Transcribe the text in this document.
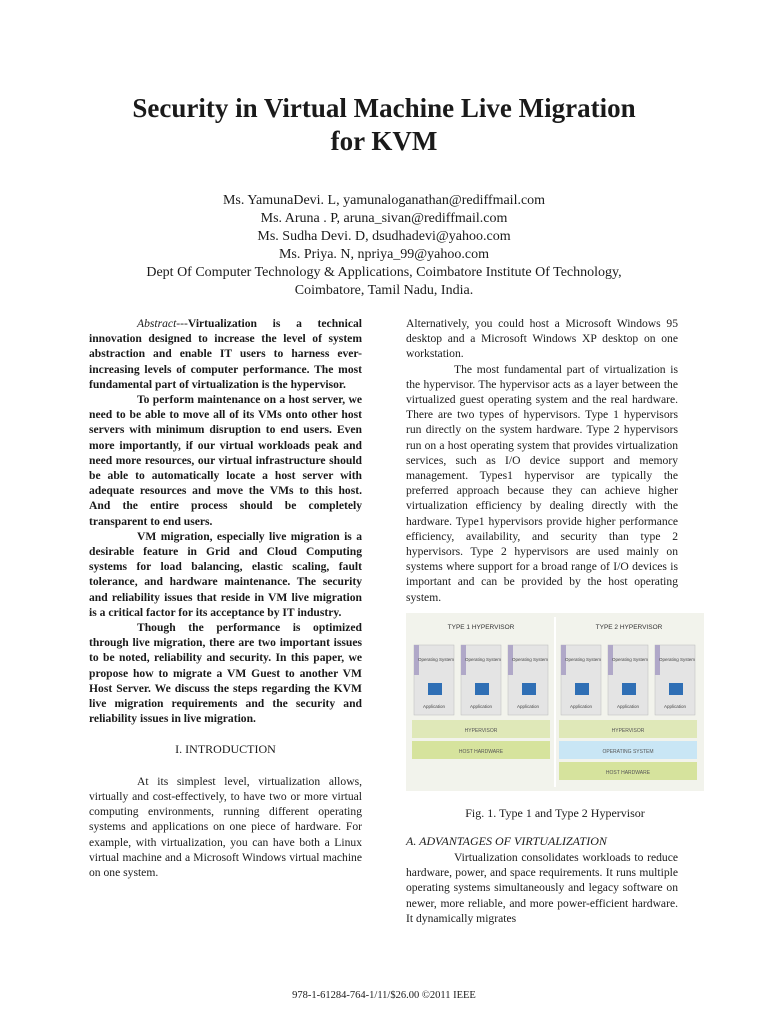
Security in Virtual Machine Live Migration
for KVM
Ms. YamunaDevi. L, yamunaloganathan@rediffmail.com
Ms. Aruna . P, aruna_sivan@rediffmail.com
Ms. Sudha Devi. D, dsudhadevi@yahoo.com
Ms. Priya. N, npriya_99@yahoo.com
Dept Of Computer Technology & Applications, Coimbatore Institute Of Technology,
Coimbatore, Tamil Nadu, India.

Abstract---Virtualization is a technical innovation designed to increase the level of system abstraction and enable IT users to harness ever-increasing levels of computer performance. The most fundamental part of virtualization is the hypervisor.

To perform maintenance on a host server, we need to be able to move all of its VMs onto other host servers with minimum disruption to end users. Even more importantly, if our virtual workloads peak and need more resources, our virtual infrastructure should be able to automatically locate a host server with adequate resources and move the VMs to this host. And the entire process should be completely transparent to end users.

VM migration, especially live migration is a desirable feature in Grid and Cloud Computing systems for load balancing, elastic scaling, fault tolerance, and hardware maintenance. The security and reliability issues that reside in VM live migration is a critical factor for its acceptance by IT industry.

Though the performance is optimized through live migration, there are two important issues to be noted, reliability and security. In this paper, we propose how to migrate a VM Guest to another VM Host Server. We discuss the steps regarding the KVM live migration requirements and the security and reliability issues in live migration.

I. INTRODUCTION

At its simplest level, virtualization allows, virtually and cost-effectively, to have two or more virtual computing environments, running different operating systems and applications on one piece of hardware. For example, with virtualization, you can have both a Linux virtual machine and a Microsoft Windows virtual machine on one system.

Alternatively, you could host a Microsoft Windows 95 desktop and a Microsoft Windows XP desktop on one workstation.

The most fundamental part of virtualization is the hypervisor. The hypervisor acts as a layer between the virtualized guest operating system and the real hardware. There are two types of hypervisors. Type 1 hypervisors run directly on the system hardware. Type 2 hypervisors run on a host operating system that provides virtualization services, such as I/O device support and memory management. Types1 hypervisor are typically the preferred approach because they can achieve higher virtualization efficiency by dealing directly with the hardware. Type1 hypervisors provide higher performance efficiency, availability, and security than type 2 hypervisors. Type 2 hypervisors are used mainly on systems where support for a broad range of I/O devices is important and can be provided by the host operating system.

TYPE 1 HYPERVISOR	TYPE 2 HYPERVISOR
Operating System
Application
Operating System
Application
Operating System
Application
HYPERVISOR
HOST HARDWARE
Operating System
Application
Operating System
Application
Operating System
Application
HYPERVISOR
OPERATING SYSTEM
HOST HARDWARE
Fig. 1. Type 1 and Type 2 Hypervisor
A. ADVANTAGES OF VIRTUALIZATION

Virtualization consolidates workloads to reduce hardware, power, and space requirements. It runs multiple operating systems simultaneously and legacy software on newer, more reliable, and more power-efficient hardware. It dynamically migrates

978-1-61284-764-1/11/$26.00 ©2011 IEEE
